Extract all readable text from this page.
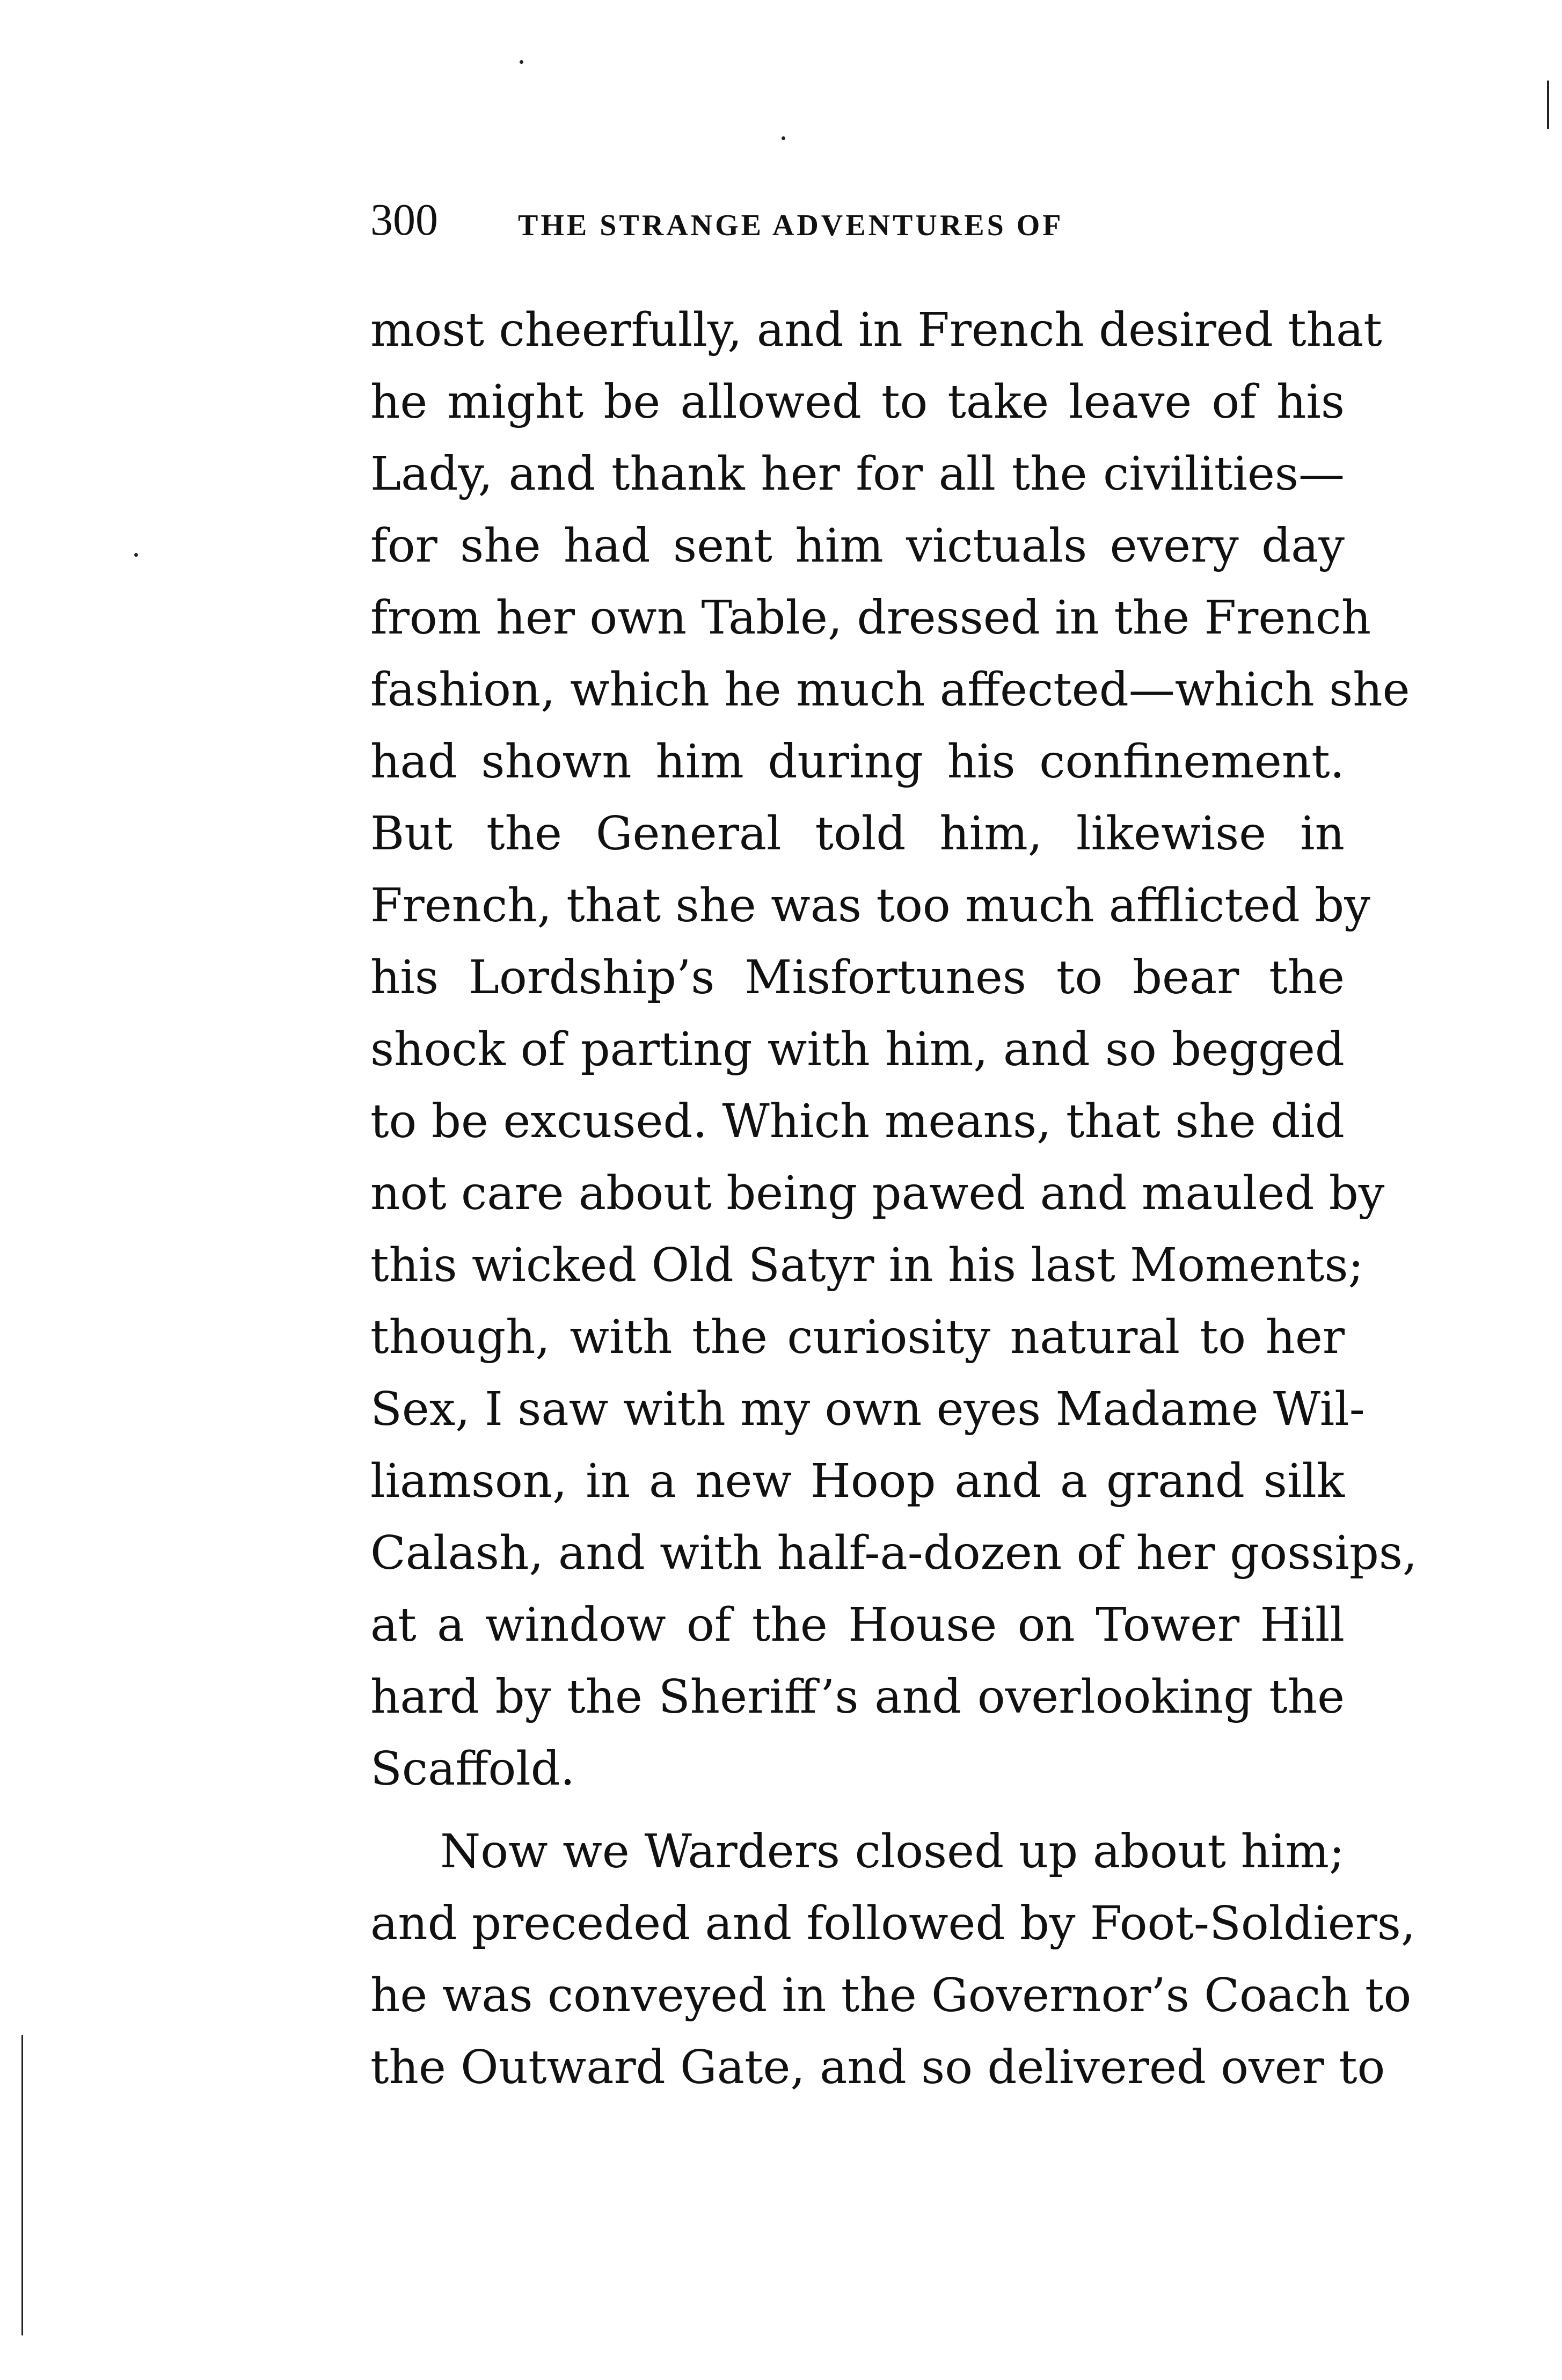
300	THE STRANGE ADVENTURES OF
most cheerfully, and in French desired that
he might be allowed to take leave of his
Lady, and thank her for all the civilities—
for she had sent him victuals every day
from her own Table, dressed in the French
fashion, which he much affected—which she
had shown him during his confinement.
But the General told him, likewise in
French, that she was too much afflicted by
his Lordship’s Misfortunes to bear the
shock of parting with him, and so begged
to be excused. Which means, that she did
not care about being pawed and mauled by
this wicked Old Satyr in his last Moments;
though, with the curiosity natural to her
Sex, I saw with my own eyes Madame Wil-
liamson, in a new Hoop and a grand silk
Calash, and with half-a-dozen of her gossips,
at a window of the House on Tower Hill
hard by the Sheriff’s and overlooking the
Scaffold.
Now we Warders closed up about him;
and preceded and followed by Foot-Soldiers,
he was conveyed in the Governor’s Coach to
the Outward Gate, and so delivered over to
